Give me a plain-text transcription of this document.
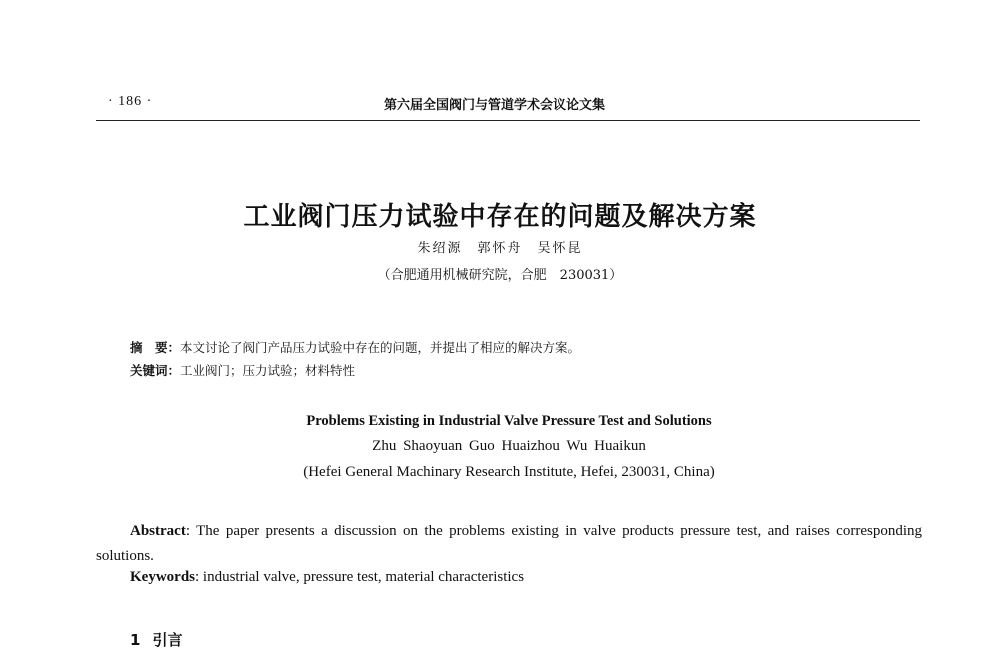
· 186 ·	第六届全国阀门与管道学术会议论文集
工业阀门压力试验中存在的问题及解决方案
朱绍源　郭怀舟　吴怀昆
（合肥通用机械研究院，合肥　230031）
摘　要：本文讨论了阀门产品压力试验中存在的问题，并提出了相应的解决方案。
关键词：工业阀门；压力试验；材料特性
Problems Existing in Industrial Valve Pressure Test and Solutions
Zhu Shaoyuan Guo Huaizhou Wu Huaikun
(Hefei General Machinary Research Institute, Hefei, 230031, China)
Abstract: The paper presents a discussion on the problems existing in valve products pressure test, and raises corresponding solutions.
Keywords: industrial valve, pressure test, material characteristics
1 引言
